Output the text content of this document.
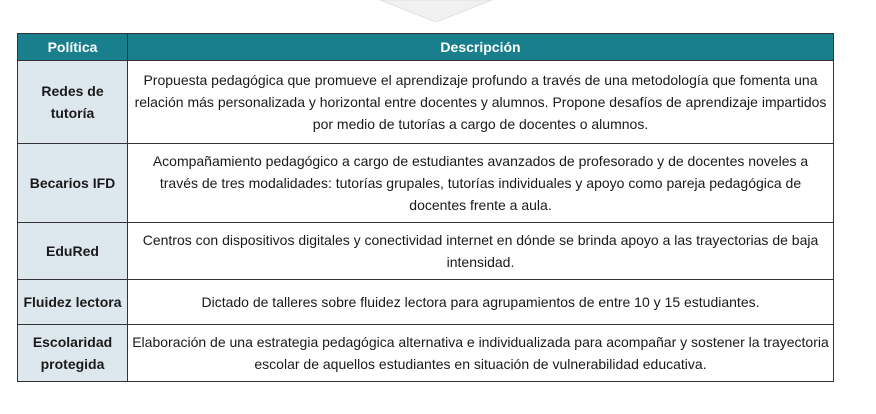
Política	Descripción
Redes de tutoría	Propuesta pedagógica que promueve el aprendizaje profundo a través de una metodología que fomenta una relación más personalizada y horizontal entre docentes y alumnos. Propone desafíos de aprendizaje impartidos por medio de tutorías a cargo de docentes o alumnos.
Becarios IFD	Acompañamiento pedagógico a cargo de estudiantes avanzados de profesorado y de docentes noveles a través de tres modalidades: tutorías grupales, tutorías individuales y apoyo como pareja pedagógica de docentes frente a aula.
EduRed	Centros con dispositivos digitales y conectividad internet en dónde se brinda apoyo a las trayectorias de baja intensidad.
Fluidez lectora	Dictado de talleres sobre fluidez lectora para agrupamientos de entre 10 y 15 estudiantes.
Escolaridad protegida	Elaboración de una estrategia pedagógica alternativa e individualizada para acompañar y sostener la trayectoria escolar de aquellos estudiantes en situación de vulnerabilidad educativa.
